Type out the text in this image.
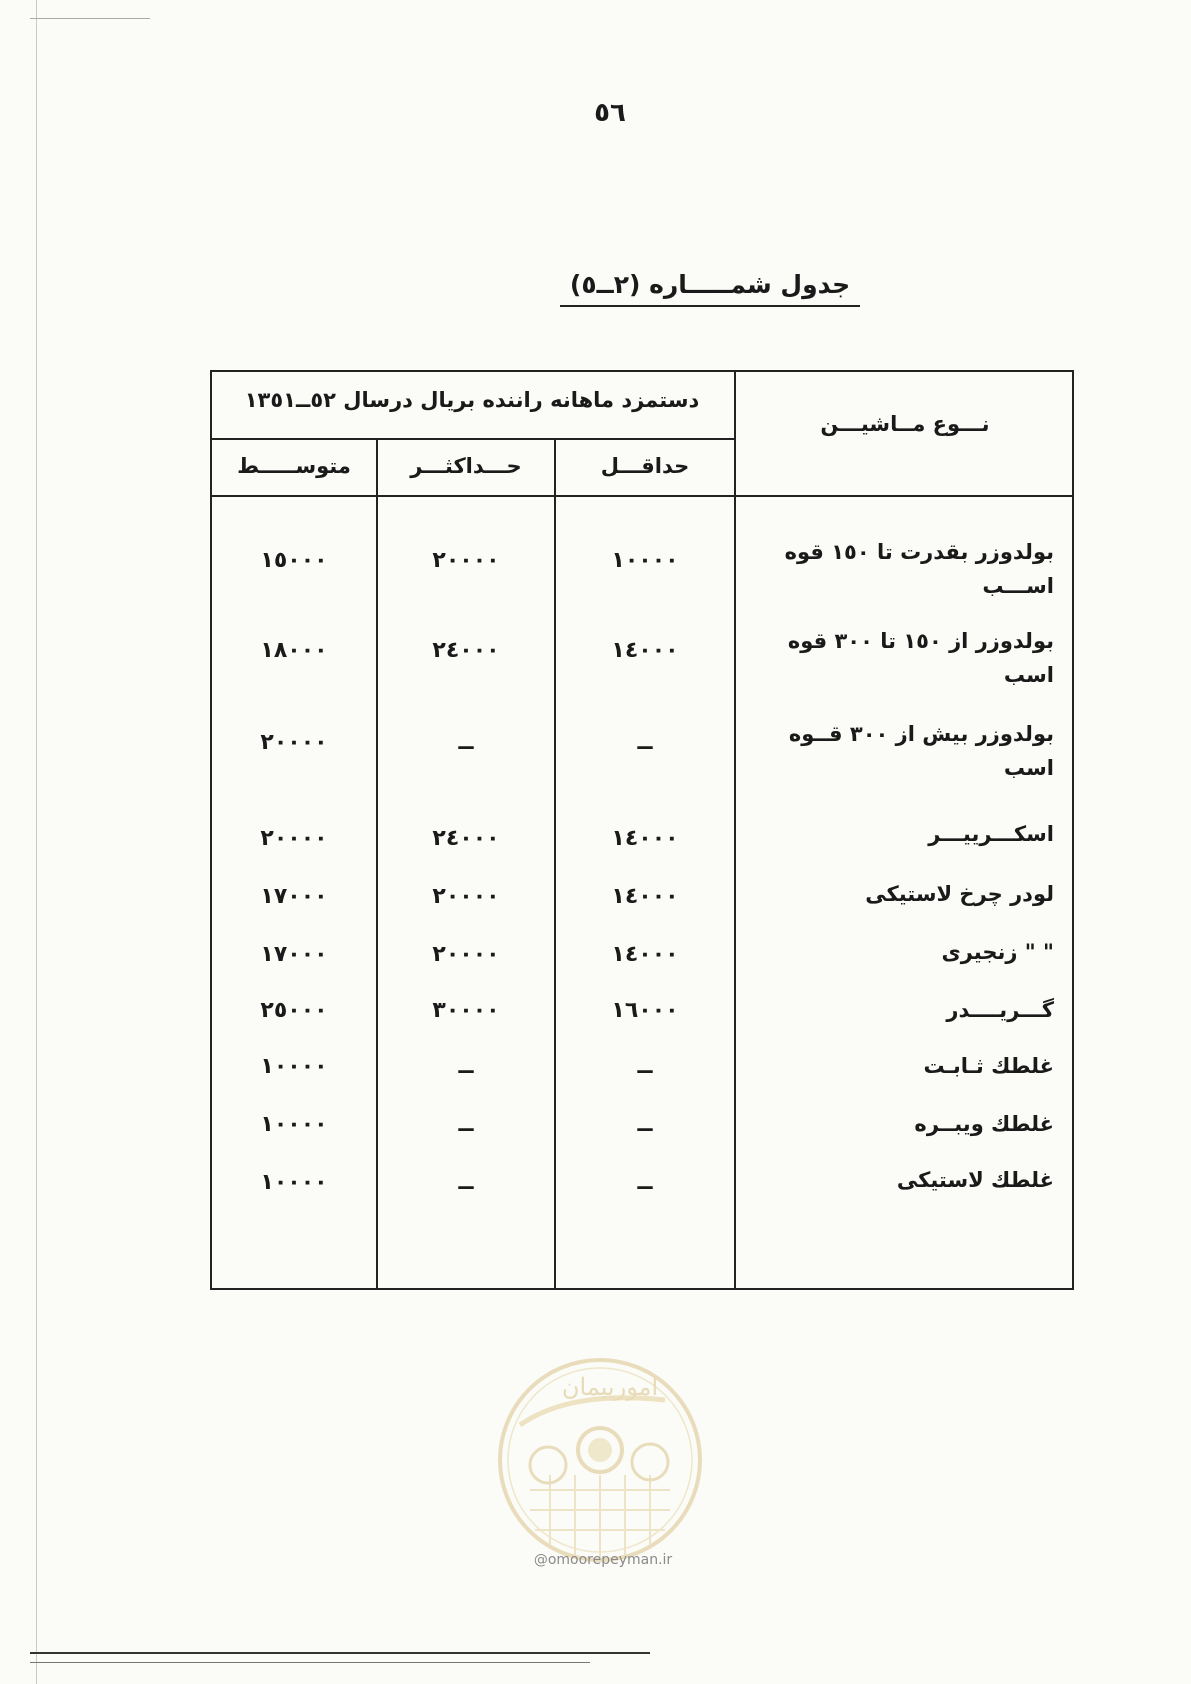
٥٦
جدول شمـــــاره (٢ــ٥)
نـــوع مــاشیـــن
دستمزد ماهانه راننده بریال درسال ٥٢ــ١٣٥١
متوســـــط	حـــداکثـــر	حداقـــل
بولدوزر بقدرت تا ١٥٠ قوه
اســـب
١٠٠٠٠
٢٠٠٠٠
١٥٠٠٠
بولدوزر از ١٥٠ تا ٣٠٠ قوه
اسب
١٤٠٠٠
٢٤٠٠٠
١٨٠٠٠
بولدوزر بیش از ٣٠٠ قــوه
اسب
ــ
ــ
٢٠٠٠٠
اسکـــرییـــر
١٤٠٠٠
٢٤٠٠٠
٢٠٠٠٠
لودر چرخ لاستیکی
١٤٠٠٠
٢٠٠٠٠
١٧٠٠٠
" " زنجیری
١٤٠٠٠
٢٠٠٠٠
١٧٠٠٠
گـــریــــدر
١٦٠٠٠
٣٠٠٠٠
٢٥٠٠٠
غلطك ثـابـت
ــ
ــ
١٠٠٠٠
غلطك ویبــره
ــ
ــ
١٠٠٠٠
غلطك لاستیکی
ــ
ــ
١٠٠٠٠
امورپیمان
@omoorepeyman.ir
